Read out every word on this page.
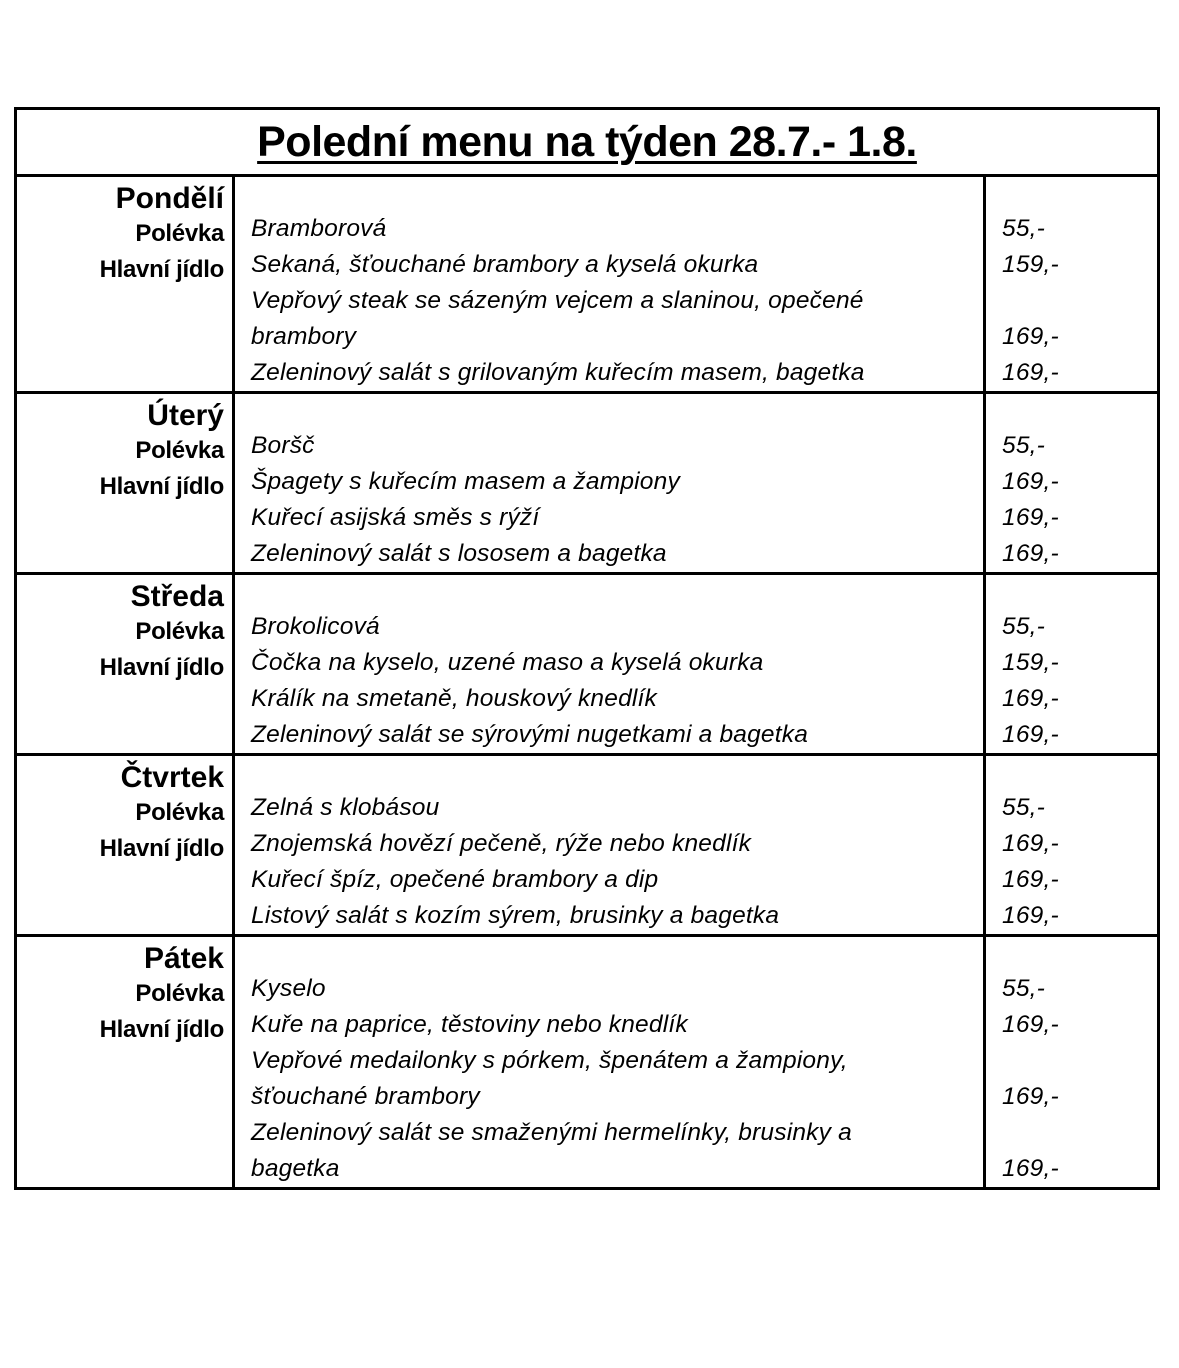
Polední menu na týden 28.7.- 1.8.
Pondělí
Polévka
Hlavní jídlo
Bramborová
Sekaná, šťouchané brambory a kyselá okurka
Vepřový steak se sázeným vejcem a slaninou, opečené
brambory
Zeleninový salát s grilovaným kuřecím masem, bagetka
55,-
159,-
169,-
169,-
Úterý
Polévka
Hlavní jídlo
Boršč
Špagety s kuřecím masem a žampiony
Kuřecí asijská směs s rýží
Zeleninový salát s lososem a bagetka
55,-
169,-
169,-
169,-
Středa
Polévka
Hlavní jídlo
Brokolicová
Čočka na kyselo, uzené maso a kyselá okurka
Králík na smetaně, houskový knedlík
Zeleninový salát se sýrovými nugetkami a bagetka
55,-
159,-
169,-
169,-
Čtvrtek
Polévka
Hlavní jídlo
Zelná s klobásou
Znojemská hovězí pečeně, rýže nebo knedlík
Kuřecí špíz, opečené brambory a dip
Listový salát s kozím sýrem, brusinky a bagetka
55,-
169,-
169,-
169,-
Pátek
Polévka
Hlavní jídlo
Kyselo
Kuře na paprice, těstoviny nebo knedlík
Vepřové medailonky s pórkem, špenátem a žampiony,
šťouchané brambory
Zeleninový salát se smaženými hermelínky, brusinky a
bagetka
55,-
169,-
169,-
169,-
